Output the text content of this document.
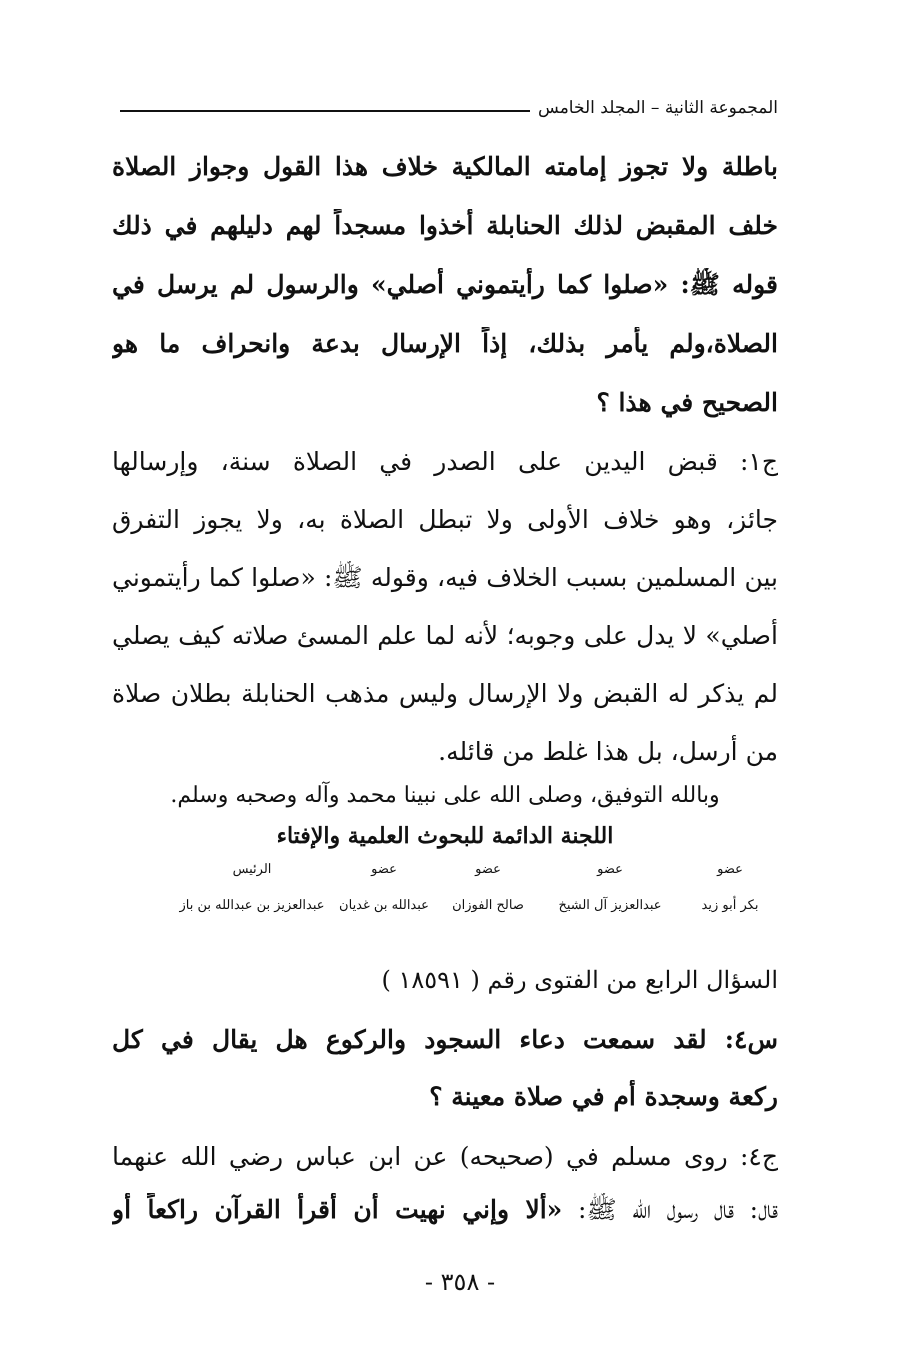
المجموعة الثانية – المجلد الخامس
باطلة ولا تجوز إمامته المالكية خلاف هذا القول وجواز الصلاة
خلف المقبض لذلك الحنابلة أخذوا مسجداً لهم دليلهم في ذلك
قوله ﷺ: «صلوا كما رأيتموني أصلي» والرسول لم يرسل في
الصلاة،ولم يأمر بذلك، إذاً الإرسال بدعة وانحراف ما هو
الصحيح في هذا ؟
ج١: قبض اليدين على الصدر في الصلاة سنة، وإرسالها
جائز، وهو خلاف الأولى ولا تبطل الصلاة به، ولا يجوز التفرق
بين المسلمين بسبب الخلاف فيه، وقوله ﷺ: «صلوا كما رأيتموني
أصلي» لا يدل على وجوبه؛ لأنه لما علم المسئ صلاته كيف يصلي
لم يذكر له القبض ولا الإرسال وليس مذهب الحنابلة بطلان صلاة
من أرسل، بل هذا غلط من قائله.
وبالله التوفيق، وصلى الله على نبينا محمد وآله وصحبه وسلم.
اللجنة الدائمة للبحوث العلمية والإفتاء
عضو
بكر أبو زيد
عضو
عبدالعزيز آل الشيخ
عضو
صالح الفوزان
عضو
عبدالله بن غديان
الرئيس
عبدالعزيز بن عبدالله بن باز
السؤال الرابع من الفتوى رقم ( ١٨٥٩١ )
س٤: لقد سمعت دعاء السجود والركوع هل يقال في كل
ركعة وسجدة أم في صلاة معينة ؟
ج٤: روى مسلم في (صحيحه) عن ابن عباس رضي الله عنهما
قال: قال رسول الله ﷺ: «ألا وإني نهيت أن أقرأ القرآن راكعاً أو
- ٣٥٨ -
